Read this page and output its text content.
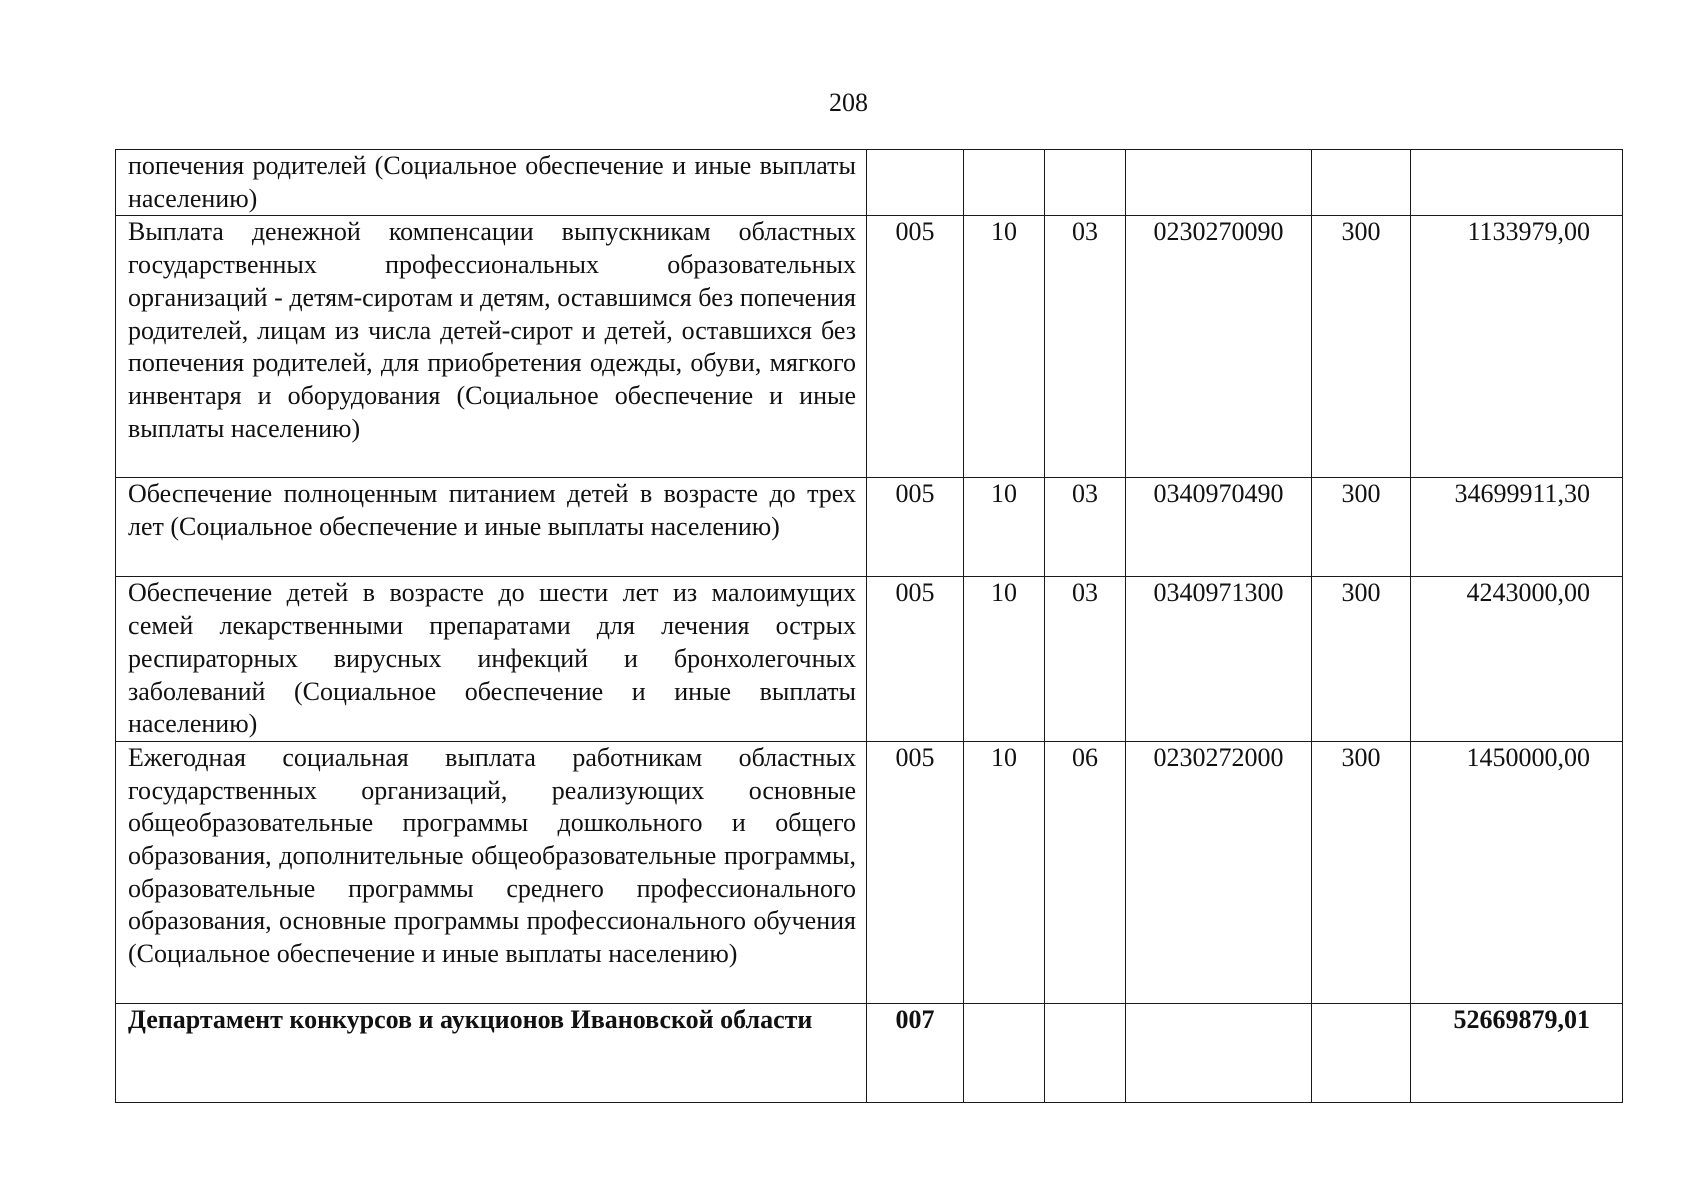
208
попечения родителей (Социальное обеспечение и иные выплаты населению)						
Выплата денежной компенсации выпускникам областных государственных профессиональных образовательных организаций - детям-сиротам и детям, оставшимся без попечения родителей, лицам из числа детей-сирот и детей, оставшихся без попечения родителей, для приобретения одежды, обуви, мягкого инвентаря и оборудования (Социальное обеспечение и иные выплаты населению)	005	10	03	0230270090	300	1133979,00
Обеспечение полноценным питанием детей в возрасте до трех лет (Социальное обеспечение и иные выплаты населению)	005	10	03	0340970490	300	34699911,30
Обеспечение детей в возрасте до шести лет из малоимущих семей лекарственными препаратами для лечения острых респираторных вирусных инфекций и бронхолегочных заболеваний (Социальное обеспечение и иные выплаты населению)	005	10	03	0340971300	300	4243000,00
Ежегодная социальная выплата работникам областных государственных организаций, реализующих основные общеобразовательные программы дошкольного и общего образования, дополнительные общеобразовательные программы, образовательные программы среднего профессионального образования, основные программы профессионального обучения (Социальное обеспечение и иные выплаты населению)	005	10	06	0230272000	300	1450000,00
Департамент конкурсов и аукционов Ивановской области	007					52669879,01
